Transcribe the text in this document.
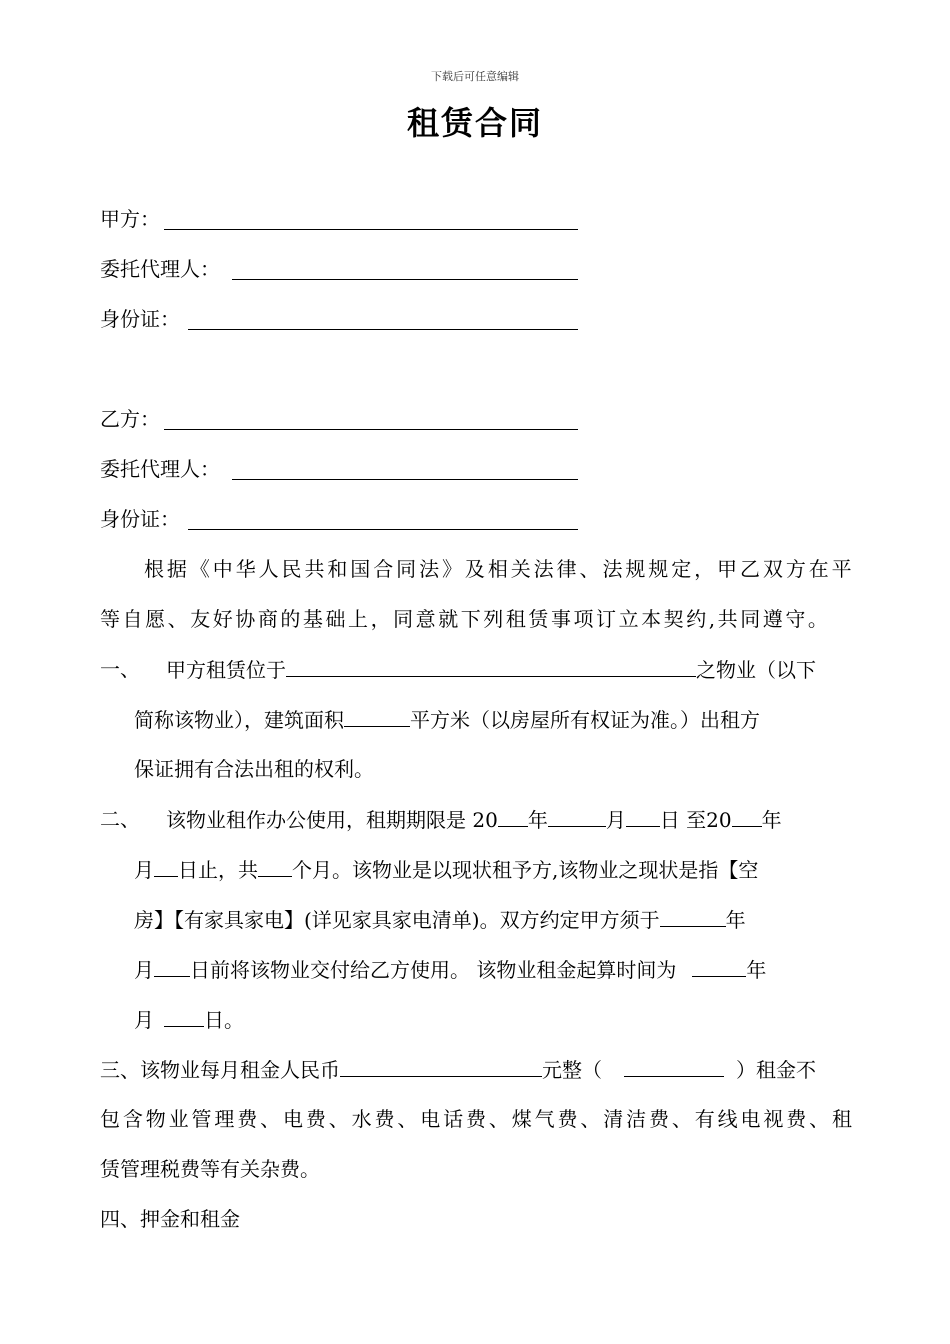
下载后可任意编辑
租赁合同
甲方：
委托代理人：
身份证：
乙方：
委托代理人：
身份证：
根 据 《 中 华 人 民 共 和 国 合 同 法 》 及 相 关 法 律 、 法 规 规 定 ， 甲 乙 双 方 在 平
等 自 愿 、 友 好 协 商 的 基 础 上 ， 同 意 就 下 列 租 赁 事 项 订 立 本 契 约 , 共 同 遵 守 。
一、 甲方租赁位于	之物业（以下
简称该物业），建筑面积	平方米（以房屋所有权证为准。）出租方
保证拥有合法出租的权利。
二、 该物业租作办公使用，租期期限是 20 年	月 日 至20 年
月 日止，共 个月。该物业是以现状租予方,该物业之现状是指【空
房】【有家具家电】(详见家具家电清单)。双方约定甲方须于	年
月 日前将该物业交付给乙方使用。 该物业租金起算时间为	年
月	日。
三、该物业每月租金人民币	元整（	）租金不
包 含 物 业 管 理 费 、 电 费 、 水 费 、 电 话 费 、 煤 气 费 、 清 洁 费 、 有 线 电 视 费 、 租
赁管理税费等有关杂费。
四、押金和租金
